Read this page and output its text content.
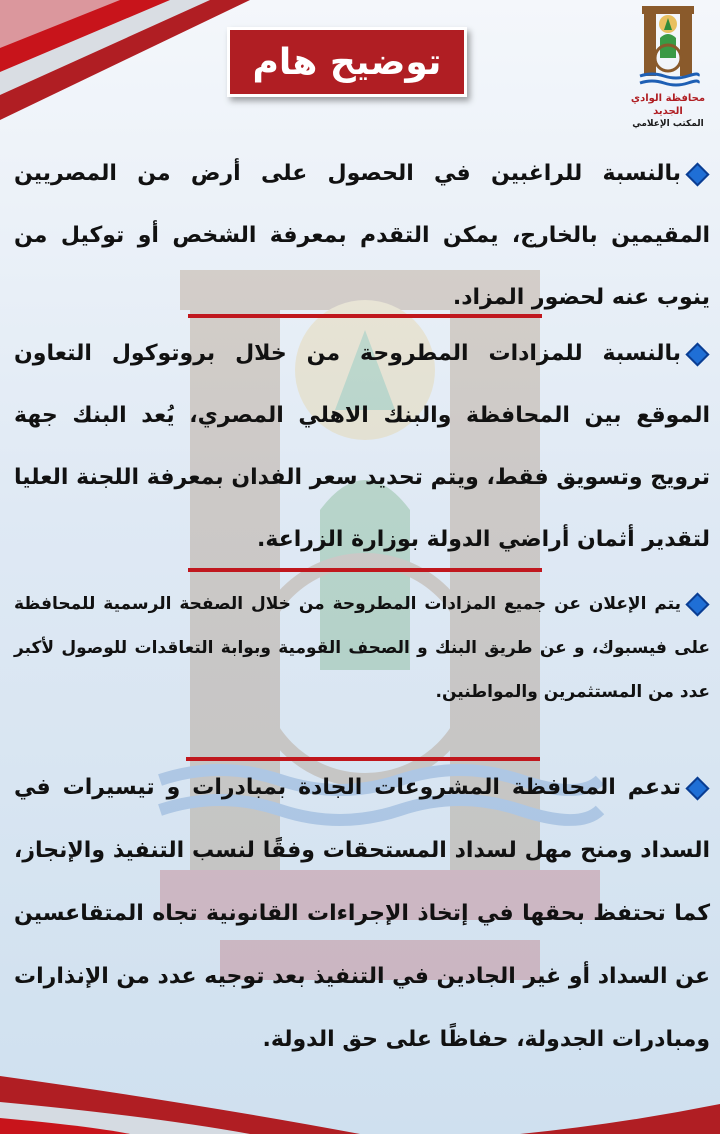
محافظة الوادي الجديد
المكتب الإعلامي
توضيح هام
بالنسبة للراغبين في الحصول على أرض من المصريين المقيمين بالخارج، يمكن التقدم بمعرفة الشخص أو توكيل من ينوب عنه لحضور المزاد.
بالنسبة للمزادات المطروحة من خلال بروتوكول التعاون الموقع بين المحافظة والبنك الاهلي المصري، يُعد البنك جهة ترويج وتسويق فقط، ويتم تحديد سعر الفدان بمعرفة اللجنة العليا لتقدير أثمان أراضي الدولة بوزارة الزراعة.
يتم الإعلان عن جميع المزادات المطروحة من خلال الصفحة الرسمية للمحافظة على فيسبوك، و عن طريق البنك و الصحف القومية وبوابة التعاقدات للوصول لأكبر عدد من المستثمرين والمواطنين.
تدعم المحافظة المشروعات الجادة بمبادرات و تيسيرات في السداد ومنح مهل لسداد المستحقات وفقًا لنسب التنفيذ والإنجاز، كما تحتفظ بحقها في إتخاذ الإجراءات القانونية تجاه المتقاعسين عن السداد أو غير الجادين في التنفيذ بعد توجيه عدد من الإنذارات ومبادرات الجدولة، حفاظًا على حق الدولة.
